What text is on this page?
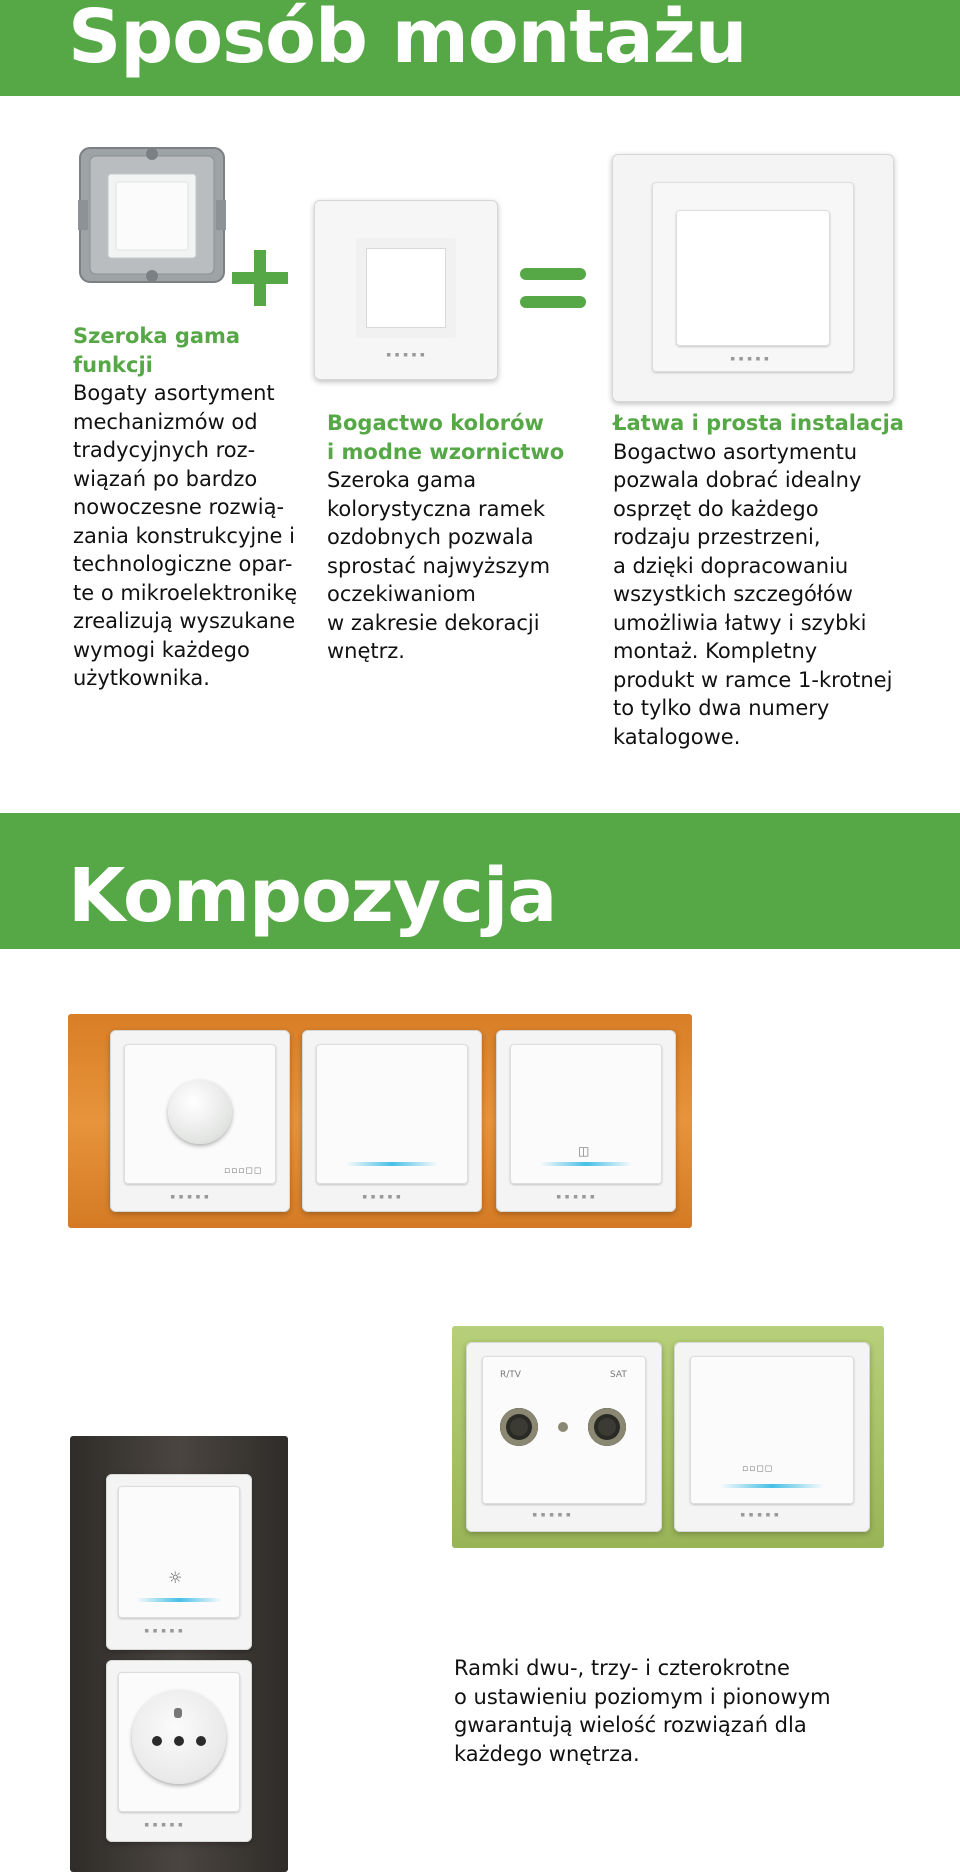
Sposób montażu
▪▪▪▪▪	▪▪▪▪▪
Szeroka gama
funkcji
Bogaty asortyment
mechanizmów od
tradycyjnych roz-
wiązań po bardzo
nowoczesne rozwią-
zania konstrukcyjne i
technologiczne opar-
te o mikroelektronikę
zrealizują wyszukane
wymogi każdego
użytkownika.
Bogactwo kolorów
i modne wzornictwo
Szeroka gama
kolorystyczna ramek
ozdobnych pozwala
sprostać najwyższym
oczekiwaniom
w zakresie dekoracji
wnętrz.
Łatwa i prosta instalacja
Bogactwo asortymentu
pozwala dobrać idealny
osprzęt do każdego
rodzaju przestrzeni,
a dzięki dopracowaniu
wszystkich szczegółów
umożliwia łatwy i szybki
montaż. Kompletny
produkt w ramce 1-krotnej
to tylko dwa numery
katalogowe.
Kompozycja
▫▫▫◻◻
▪▪▪▪▪	▪▪▪▪▪
◫
▪▪▪▪▪
R/TV	SAT
▪▪▪▪▪
▫▫◻◻
▪▪▪▪▪
☼
▪▪▪▪▪
▪▪▪▪▪
Ramki dwu-, trzy- i czterokrotne
o ustawieniu poziomym i pionowym
gwarantują wielość rozwiązań dla
każdego wnętrza.
